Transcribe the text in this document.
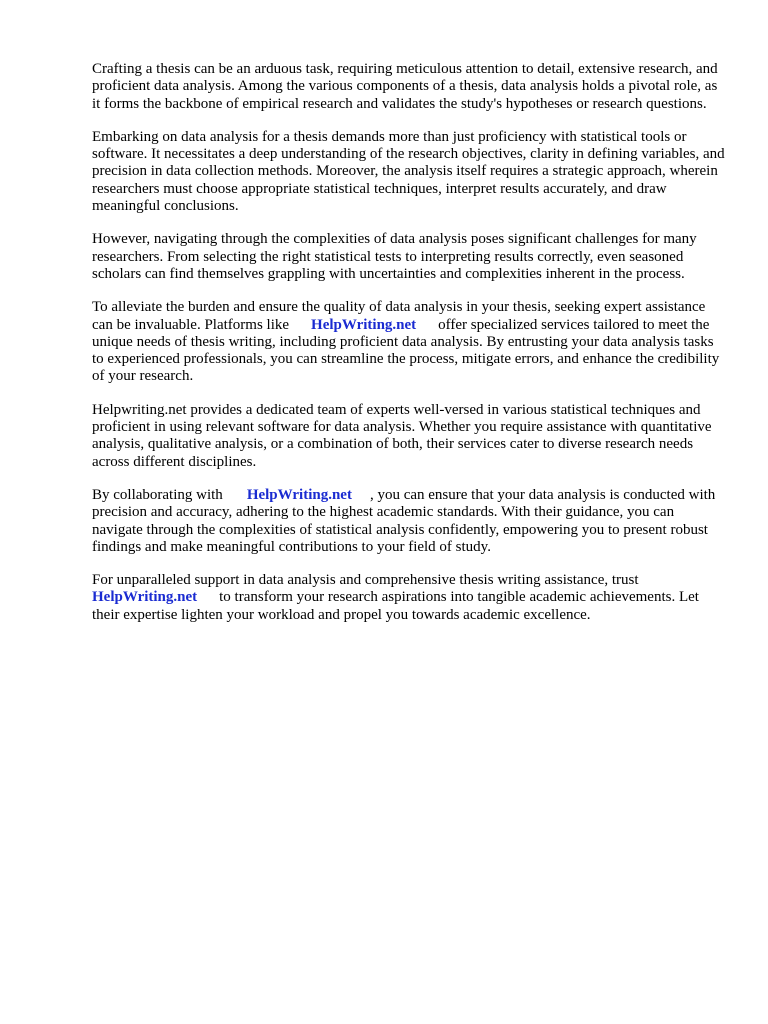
Crafting a thesis can be an arduous task, requiring meticulous attention to detail, extensive research, and proficient data analysis. Among the various components of a thesis, data analysis holds a pivotal role, as it forms the backbone of empirical research and validates the study's hypotheses or research questions.

Embarking on data analysis for a thesis demands more than just proficiency with statistical tools or software. It necessitates a deep understanding of the research objectives, clarity in defining variables, and precision in data collection methods. Moreover, the analysis itself requires a strategic approach, wherein researchers must choose appropriate statistical techniques, interpret results accurately, and draw meaningful conclusions.

However, navigating through the complexities of data analysis poses significant challenges for many researchers. From selecting the right statistical tests to interpreting results correctly, even seasoned scholars can find themselves grappling with uncertainties and complexities inherent in the process.

To alleviate the burden and ensure the quality of data analysis in your thesis, seeking expert assistance can be invaluable. Platforms like HelpWriting.net offer specialized services tailored to meet the unique needs of thesis writing, including proficient data analysis. By entrusting your data analysis tasks to experienced professionals, you can streamline the process, mitigate errors, and enhance the credibility of your research.

Helpwriting.net provides a dedicated team of experts well-versed in various statistical techniques and proficient in using relevant software for data analysis. Whether you require assistance with quantitative analysis, qualitative analysis, or a combination of both, their services cater to diverse research needs across different disciplines.

By collaborating with HelpWriting.net , you can ensure that your data analysis is conducted with precision and accuracy, adhering to the highest academic standards. With their guidance, you can navigate through the complexities of statistical analysis confidently, empowering you to present robust findings and make meaningful contributions to your field of study.

For unparalleled support in data analysis and comprehensive thesis writing assistance, trust HelpWriting.net to transform your research aspirations into tangible academic achievements. Let their expertise lighten your workload and propel you towards academic excellence.
